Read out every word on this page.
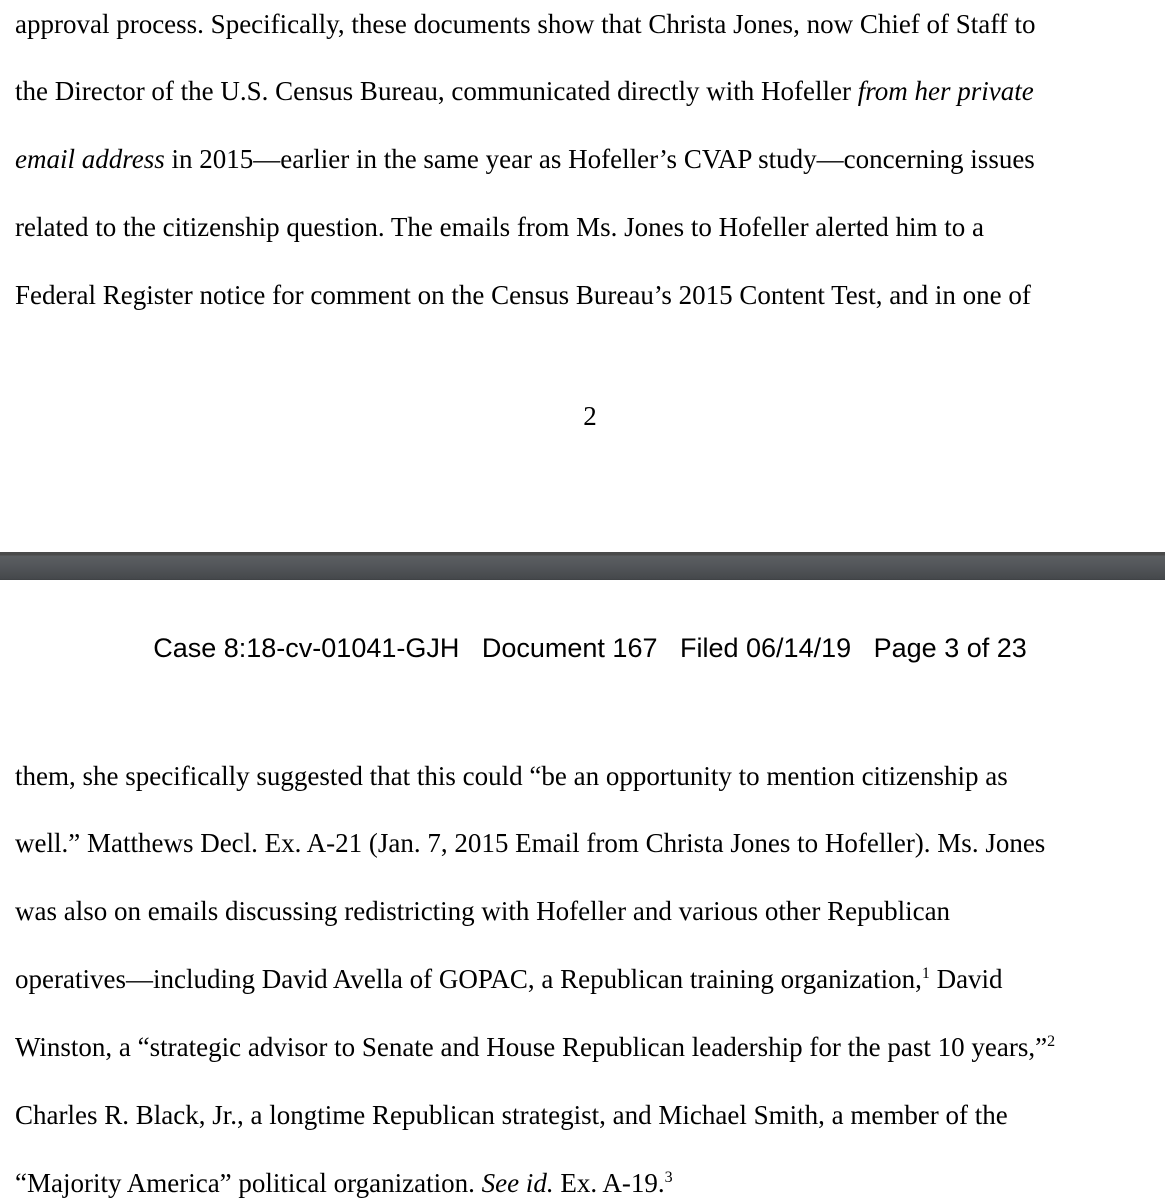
approval process. Specifically, these documents show that Christa Jones, now Chief of Staff to
the Director of the U.S. Census Bureau, communicated directly with Hofeller from her private
email address in 2015—earlier in the same year as Hofeller’s CVAP study—concerning issues
related to the citizenship question. The emails from Ms. Jones to Hofeller alerted him to a
Federal Register notice for comment on the Census Bureau’s 2015 Content Test, and in one of
2
Case 8:18-cv-01041-GJH Document 167 Filed 06/14/19 Page 3 of 23
them, she specifically suggested that this could “be an opportunity to mention citizenship as
well.” Matthews Decl. Ex. A-21 (Jan. 7, 2015 Email from Christa Jones to Hofeller). Ms. Jones
was also on emails discussing redistricting with Hofeller and various other Republican
operatives—including David Avella of GOPAC, a Republican training organization,$^1$ David
Winston, a “strategic advisor to Senate and House Republican leadership for the past 10 years,”$^2$
Charles R. Black, Jr., a longtime Republican strategist, and Michael Smith, a member of the
“Majority America” political organization. See id. Ex. A-19.$^3$
